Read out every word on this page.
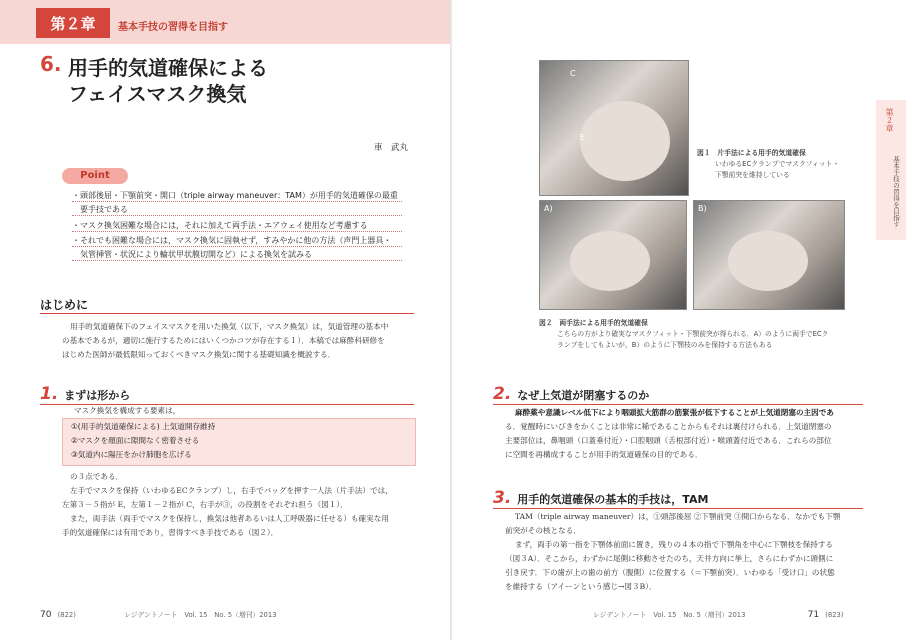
第２章	基本手技の習得を目指す
6. 用手的気道確保による
フェイスマスク換気
車　武丸
Point
・頭部後屈・下顎前突・開口（triple airway maneuver：TAM）が用手的気道確保の最重
　要手技である
・マスク換気困難な場合には，それに加えて両手法・エアウェイ使用など考慮する
・それでも困難な場合には，マスク換気に固執せず，すみやかに他の方法（声門上器具・
　気管挿管・状況により輪状甲状膜切開など）による換気を試みる
はじめに
用手的気道確保下のフェイスマスクを用いた換気（以下，マスク換気）は，気道管理の基本中
の基本であるが，適切に施行するためにはいくつかコツが存在する１）．本稿では麻酔科研修を
はじめた医師が最低限知っておくべきマスク換気に関する基礎知識を概説する．
1. まずは形から
マスク換気を構成する要素は，
①(用手的気道確保による) 上気道開存維持
②マスクを顔面に隙間なく密着させる
③気道内に陽圧をかけ肺胞を広げる
の３点である．
左手でマスクを保持（いわゆるECクランプ）し，右手でバッグを押す一人法（片手法）では，
左第３－５指が E，左第１－２指が C，右手が③，の役割をそれぞれ担う（図１）．
また，両手法（両手でマスクを保持し，換気は他者あるいは人工呼吸器に任せる）も確実な用
手的気道確保には有用であり，習得すべき手技である（図２）．
70 (822)	レジデントノート　Vol. 15　No. 5（増刊）2013
C
E
図１　片手法による用手的気道確保
いわゆるECクランプでマスクフィット・
下顎前突を維持している
A)	B)
図２　両手法による用手的気道確保
こちらの方がより確実なマスクフィット・下顎前突が得られる．A）のように両手でECク
ランプをしてもよいが，B）のように下顎枝のみを保持する方法もある
2. なぜ上気道が閉塞するのか
麻酔薬や意識レベル低下により咽頭拡大筋群の筋緊張が低下することが上気道閉塞の主因であ
る．覚醒時にいびきをかくことは非常に稀であることからもそれは裏付けられる．上気道閉塞の
主要部位は，鼻咽頭（口蓋垂付近）・口腔咽頭（舌根部付近）・喉頭蓋付近である．これらの部位
に空間を再構成することが用手的気道確保の目的である．
3. 用手的気道確保の基本的手技は，TAM
TAM（triple airway maneuver）は，①頭部後屈 ②下顎前突 ③開口からなる．なかでも下顎
前突がその核となる．
まず，両手の第一指を下顎体前面に置き，残りの４本の指で下顎角を中心に下顎枝を保持する
（図３A）．そこから，わずかに尾側に移動させたのち，天井方向に挙上，さらにわずかに頭側に
引き戻す．下の歯が上の歯の前方（腹側）に位置する（＝下顎前突）．いわゆる「受け口」の状態
を維持する（アイーンという感じ→図３B）．
レジデントノート　Vol. 15　No. 5（増刊）2013	71 (823)
第２章
基本手技の習得を目指す
